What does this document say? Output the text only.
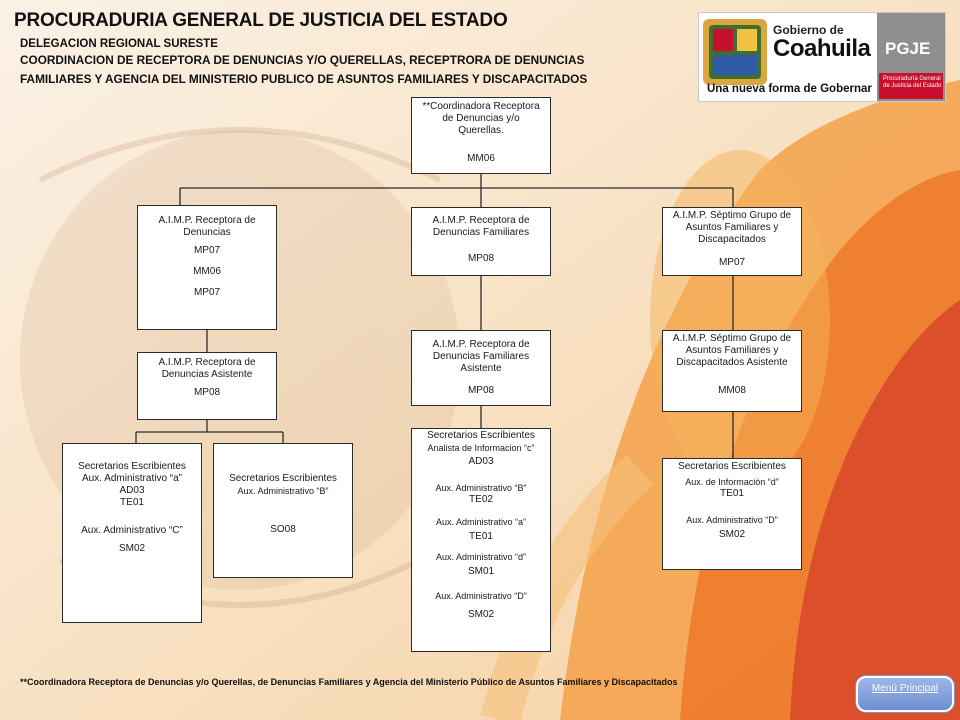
PROCURADURIA GENERAL DE JUSTICIA DEL ESTADO
DELEGACION REGIONAL SURESTE
COORDINACION DE RECEPTORA DE DENUNCIAS Y/O QUERELLAS, RECEPTRORA DE DENUNCIAS
FAMILIARES Y AGENCIA DEL MINISTERIO PUBLICO DE ASUNTOS FAMILIARES Y DISCAPACITADOS
Gobierno de
Coahuila
Una nueva forma de Gobernar
PGJE
Procuraduría General
de Justicia del Estado
**Coordinadora Receptora
de Denuncias y/o
Querellas.
MM06
A.I.M.P. Receptora de
Denuncias
MP07
MM06
MP07
A.I.M.P. Receptora de
Denuncias Familiares
MP08
A.I.M.P. Séptimo Grupo de
Asuntos Familiares y
Discapacitados
MP07
A.I.M.P. Receptora de
Denuncias Asistente
MP08
A.I.M.P. Receptora de
Denuncias Familiares
Asistente
MP08
A.I.M.P. Séptimo Grupo de
Asuntos Familiares y
Discapacitados Asistente
MM08
Secretarios Escribientes
Aux. Administrativo “a”
AD03
TE01
Aux. Administrativo “C”
SM02
Secretarios Escribientes
Aux. Administrativo “B”
SO08
Secretarios Escribientes
Analista de Informacion “c”
AD03
Aux. Administrativo “B”
TE02
Aux. Administrativo “a”
TE01
Aux. Administrativo “d”
SM01
Aux. Administrativo “D”
SM02
Secretarios Escribientes
Aux. de Información “d”
TE01
Aux. Administrativo “D”
SM02
**Coordinadora Receptora de Denuncias y/o Querellas, de Denuncias Familiares y Agencia del Ministerio Público de Asuntos Familiares y Discapacitados
Menú Principal
